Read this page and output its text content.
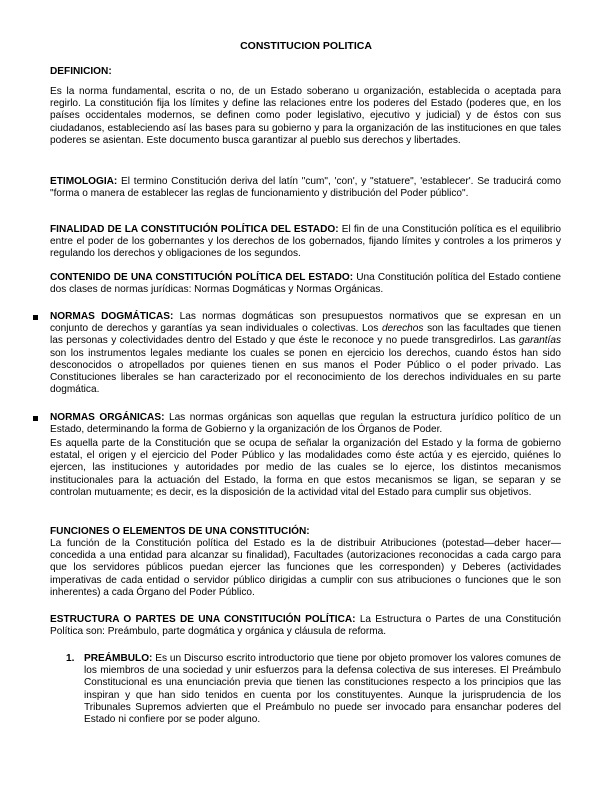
CONSTITUCION POLITICA
DEFINICION:

Es la norma fundamental, escrita o no, de un Estado soberano u organización, establecida o aceptada para regirlo. La constitución fija los límites y define las relaciones entre los poderes del Estado (poderes que, en los países occidentales modernos, se definen como poder legislativo, ejecutivo y judicial) y de éstos con sus ciudadanos, estableciendo así las bases para su gobierno y para la organización de las instituciones en que tales poderes se asientan. Este documento busca garantizar al pueblo sus derechos y libertades.

ETIMOLOGIA: El termino Constitución deriva del latín "cum", 'con', y "statuere", 'establecer'. Se traducirá como "forma o manera de establecer las reglas de funcionamiento y distribución del Poder público".

FINALIDAD DE LA CONSTITUCIÓN POLÍTICA DEL ESTADO: El fin de una Constitución política es el equilibrio entre el poder de los gobernantes y los derechos de los gobernados, fijando límites y controles a los primeros y regulando los derechos y obligaciones de los segundos.

CONTENIDO DE UNA CONSTITUCIÓN POLÍTICA DEL ESTADO: Una Constitución política del Estado contiene dos clases de normas jurídicas: Normas Dogmáticas y Normas Orgánicas.

NORMAS DOGMÁTICAS: Las normas dogmáticas son presupuestos normativos que se expresan en un conjunto de derechos y garantías ya sean individuales o colectivas. Los derechos son las facultades que tienen las personas y colectividades dentro del Estado y que éste le reconoce y no puede transgredirlos. Las garantías son los instrumentos legales mediante los cuales se ponen en ejercicio los derechos, cuando éstos han sido desconocidos o atropellados por quienes tienen en sus manos el Poder Público o el poder privado. Las Constituciones liberales se han caracterizado por el reconocimiento de los derechos individuales en su parte dogmática.

NORMAS ORGÁNICAS: Las normas orgánicas son aquellas que regulan la estructura jurídico político de un Estado, determinando la forma de Gobierno y la organización de los Órganos de Poder.

Es aquella parte de la Constitución que se ocupa de señalar la organización del Estado y la forma de gobierno estatal, el origen y el ejercicio del Poder Público y las modalidades como éste actúa y es ejercido, quiénes lo ejercen, las instituciones y autoridades por medio de las cuales se lo ejerce, los distintos mecanismos institucionales para la actuación del Estado, la forma en que estos mecanismos se ligan, se separan y se controlan mutuamente; es decir, es la disposición de la actividad vital del Estado para cumplir sus objetivos.

FUNCIONES O ELEMENTOS DE UNA CONSTITUCIÓN:

La función de la Constitución política del Estado es la de distribuir Atribuciones (potestad—deber hacer—concedida a una entidad para alcanzar su finalidad), Facultades (autorizaciones reconocidas a cada cargo para que los servidores públicos puedan ejercer las funciones que les corresponden) y Deberes (actividades imperativas de cada entidad o servidor público dirigidas a cumplir con sus atribuciones o funciones que le son inherentes) a cada Órgano del Poder Público.

ESTRUCTURA O PARTES DE UNA CONSTITUCIÓN POLÍTICA: La Estructura o Partes de una Constitución Política son: Preámbulo, parte dogmática y orgánica y cláusula de reforma.

1. PREÁMBULO: Es un Discurso escrito introductorio que tiene por objeto promover los valores comunes de los miembros de una sociedad y unir esfuerzos para la defensa colectiva de sus intereses. El Preámbulo Constitucional es una enunciación previa que tienen las constituciones respecto a los principios que las inspiran y que han sido tenidos en cuenta por los constituyentes. Aunque la jurisprudencia de los Tribunales Supremos advierten que el Preámbulo no puede ser invocado para ensanchar poderes del Estado ni confiere por se poder alguno.
